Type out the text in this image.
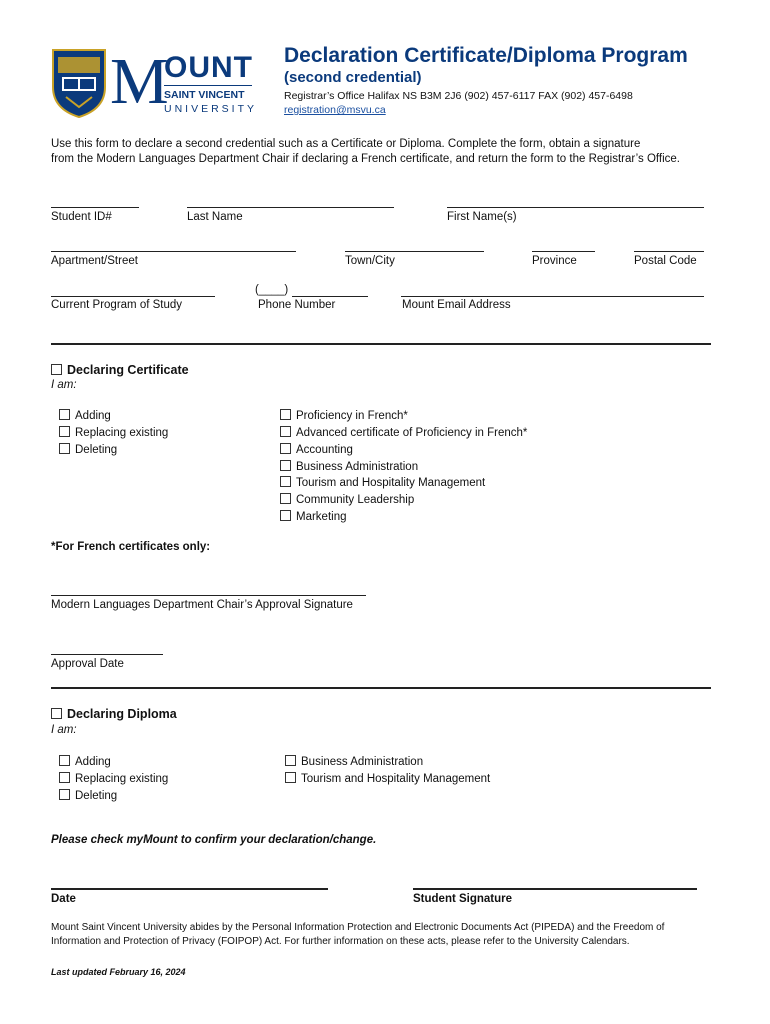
M
OUNT
SAINT VINCENT
UNIVERSITY
Declaration Certificate/Diploma Program
(second credential)
Registrar’s Office Halifax NS B3M 2J6 (902) 457-6117 FAX (902) 457-6498
registration@msvu.ca
Use this form to declare a second credential such as a Certificate or Diploma. Complete the form, obtain a signature
from the Modern Languages Department Chair if declaring a French certificate, and return the form to the Registrar’s Office.
Student ID#	Last Name	First Name(s)
Apartment/Street	Town/City	Province	Postal Code
(____)
Current Program of Study	Phone Number	Mount Email Address
Declaring Certificate
I am:
Adding
Replacing existing
Deleting
Proficiency in French*
Advanced certificate of Proficiency in French*
Accounting
Business Administration
Tourism and Hospitality Management
Community Leadership
Marketing
*For French certificates only:
Modern Languages Department Chair’s Approval Signature
Approval Date
Declaring Diploma
I am:
Adding
Replacing existing
Deleting
Business Administration
Tourism and Hospitality Management
Please check myMount to confirm your declaration/change.
Date	Student Signature
Mount Saint Vincent University abides by the Personal Information Protection and Electronic Documents Act (PIPEDA) and the Freedom of
Information and Protection of Privacy (FOIPOP) Act. For further information on these acts, please refer to the University Calendars.
Last updated February 16, 2024
